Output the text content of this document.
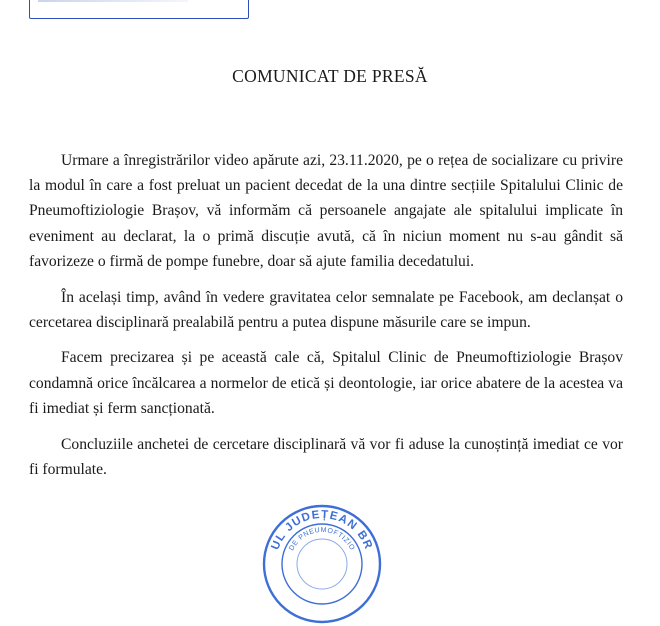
COMUNICAT DE PRESĂ

Urmare a înregistrărilor video apărute azi, 23.11.2020, pe o rețea de socializare cu privire la modul în care a fost preluat un pacient decedat de la una dintre secțiile Spitalului Clinic de Pneumoftiziologie Brașov, vă informăm că persoanele angajate ale spitalului implicate în eveniment au declarat, la o primă discuție avută, că în niciun moment nu s-au gândit să favorizeze o firmă de pompe funebre, doar să ajute familia decedatului.

În același timp, având în vedere gravitatea celor semnalate pe Facebook, am declanșat o cercetarea disciplinară prealabilă pentru a putea dispune măsurile care se impun.

Facem precizarea și pe această cale că, Spitalul Clinic de Pneumoftiziologie Brașov condamnă orice încălcarea a normelor de etică și deontologie, iar orice abatere de la acestea va fi imediat și ferm sancționată.

Concluziile anchetei de cercetare disciplinară vă vor fi aduse la cunoștință imediat ce vor fi formulate.

UL JUDEȚEAN BR
DE PNEUMOFTIZIO
